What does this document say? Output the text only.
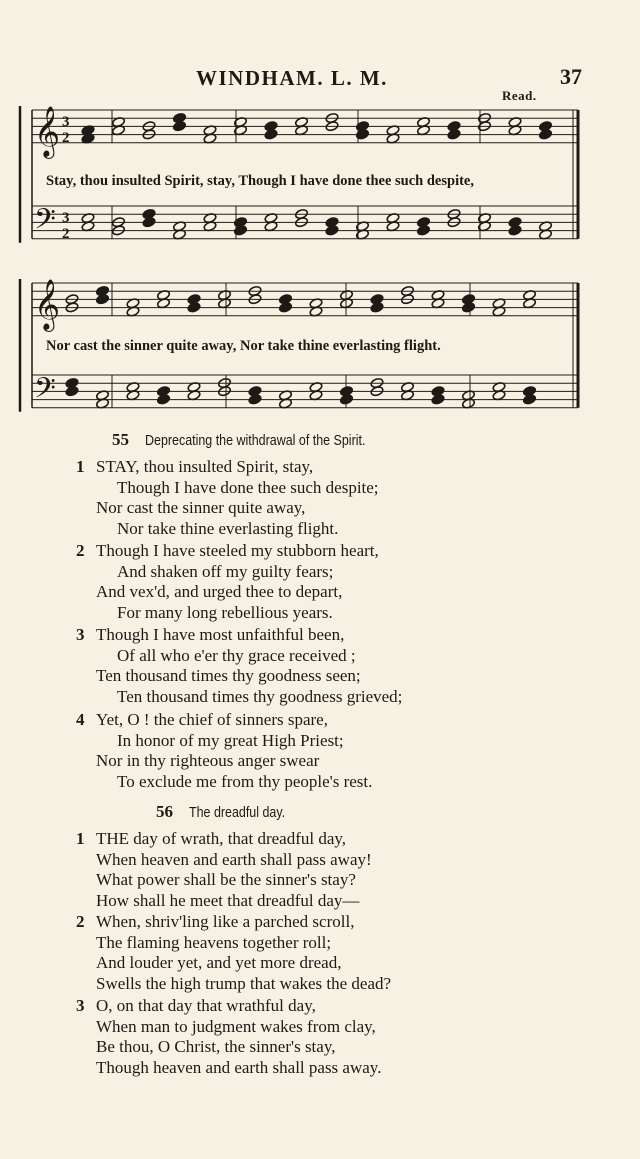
WINDHAM. L. M.	37
Read.
𝄞 3
2
𝄢 3
2
𝄞
𝄢
Stay, thou insulted Spirit, stay, Though I have done thee such despite,
Nor cast the sinner quite away, Nor take thine everlasting flight.
55 Deprecating the withdrawal of the Spirit.
1 STAY, thou insulted Spirit, stay,
Though I have done thee such despite;
Nor cast the sinner quite away,
Nor take thine everlasting flight.
2 Though I have steeled my stubborn heart,
And shaken off my guilty fears;
And vex'd, and urged thee to depart,
For many long rebellious years.
3 Though I have most unfaithful been,
Of all who e'er thy grace received ;
Ten thousand times thy goodness seen;
Ten thousand times thy goodness grieved;
4 Yet, O ! the chief of sinners spare,
In honor of my great High Priest;
Nor in thy righteous anger swear
To exclude me from thy people's rest.
56 The dreadful day.
1 THE day of wrath, that dreadful day,
When heaven and earth shall pass away!
What power shall be the sinner's stay?
How shall he meet that dreadful day—
2 When, shriv'ling like a parched scroll,
The flaming heavens together roll;
And louder yet, and yet more dread,
Swells the high trump that wakes the dead?
3 O, on that day that wrathful day,
When man to judgment wakes from clay,
Be thou, O Christ, the sinner's stay,
Though heaven and earth shall pass away.
